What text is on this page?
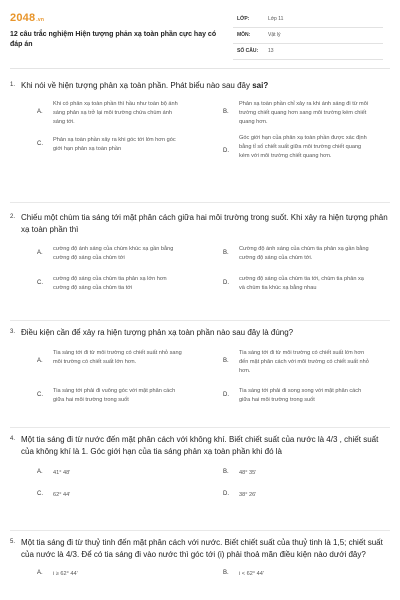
2048.vn
12 câu trắc nghiệm Hiện tượng phản xạ toàn phần cực hay có đáp án
LỚP:	Lớp 11
MÔN:	Vật lý
SỐ CÂU: 13
1. Khi nói về hiện tượng phản xạ toàn phần. Phát biểu nào sau đây sai?
A.
Khi có phản xạ toàn phần thì hầu như toàn bộ ánh sáng phản xạ trở lại môi trường chứa chùm ánh sáng tới.
B.
Phản xạ toàn phần chỉ xảy ra khi ánh sáng đi từ môi trường chiết quang hơn sang môi trường kém chiết quang hơn.
C.
Phản xạ toàn phần xảy ra khi góc tới lớn hơn góc giới hạn phản xạ toàn phần	D.
Góc giới hạn của phản xạ toàn phần được xác định bằng tỉ số chiết suất giữa môi trường chiết quang kém với môi trường chiết quang hơn.
2. Chiếu một chùm tia sáng tới mặt phân cách giữa hai môi trường trong suốt. Khi xảy ra hiện tượng phản xạ toàn phần thì
A.
cường độ ánh sáng của chùm khúc xạ gần bằng cường độ sáng của chùm tới
B.
Cường độ ánh sáng của chùm tia phản xạ gần bằng cường độ sáng của chùm tới.
C.
cường độ sáng của chùm tia phản xạ lớn hơn cường độ sáng của chùm tia tới
D.
cường độ sáng của chùm tia tới, chùm tia phản xạ và chùm tia khúc xạ bằng nhau
3. Điều kiện cần để xảy ra hiện tượng phản xạ toàn phần nào sau đây là đúng?
A.
Tia sáng tới đi từ môi trường có chiết suất nhỏ sang môi trường có chiết suất lớn hơn.	B.
Tia sáng tới đi từ môi trường có chiết suất lớn hơn đến mặt phân cách với môi trường có chiết suất nhỏ hơn.
C.
Tia sáng tới phải đi vuông góc với mặt phân cách giữa hai môi trường trong suốt
D.
Tia sáng tới phải đi song song với mặt phân cách giữa hai môi trường trong suốt
4. Một tia sáng đi từ nước đến mặt phân cách với không khí. Biết chiết suất của nước là 4/3 , chiết suất của không khí là 1. Góc giới hạn của tia sáng phản xạ toàn phần khi đó là
A. 41° 48'	B. 48° 35'
C. 62° 44'	D. 38° 26'
5. Một tia sáng đi từ thuỷ tinh đến mặt phân cách với nước. Biết chiết suất của thuỷ tinh là 1,5; chiết suất của nước là 4/3. Để có tia sáng đi vào nước thì góc tới (i) phải thoả mãn điều kiện nào dưới đây?
A. i ≥ 62° 44'	B. i < 62° 44'
